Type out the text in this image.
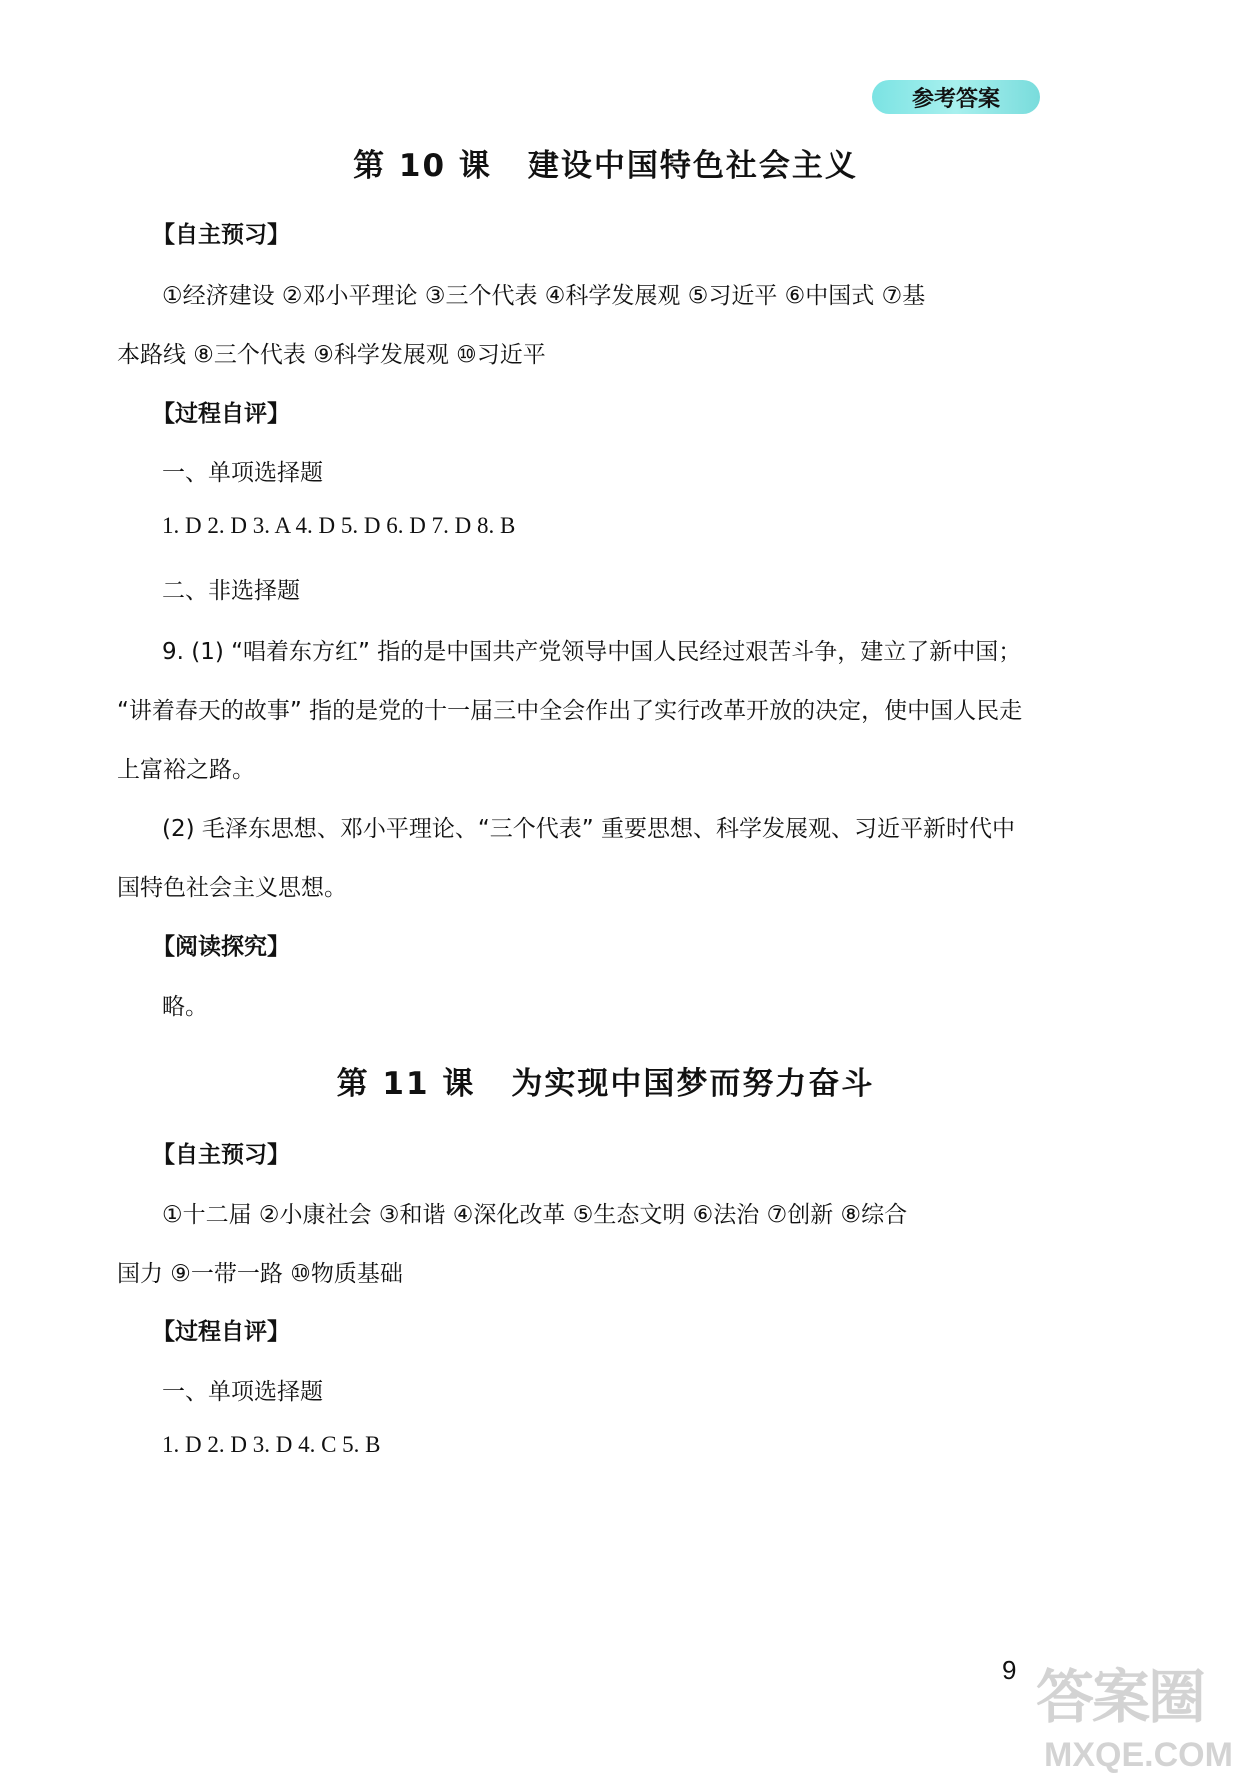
参考答案
第 10 课 建设中国特色社会主义
【自主预习】
①经济建设 ②邓小平理论 ③三个代表 ④科学发展观 ⑤习近平 ⑥中国式 ⑦基
本路线 ⑧三个代表 ⑨科学发展观 ⑩习近平
【过程自评】
一、单项选择题
1. D 2. D 3. A 4. D 5. D 6. D 7. D 8. B
二、非选择题
9. (1) “唱着东方红” 指的是中国共产党领导中国人民经过艰苦斗争，建立了新中国；
“讲着春天的故事” 指的是党的十一届三中全会作出了实行改革开放的决定，使中国人民走
上富裕之路。
(2) 毛泽东思想、邓小平理论、“三个代表” 重要思想、科学发展观、习近平新时代中
国特色社会主义思想。
【阅读探究】
略。
第 11 课 为实现中国梦而努力奋斗
【自主预习】
①十二届 ②小康社会 ③和谐 ④深化改革 ⑤生态文明 ⑥法治 ⑦创新 ⑧综合
国力 ⑨一带一路 ⑩物质基础
【过程自评】
一、单项选择题
1. D 2. D 3. D 4. C 5. B
9 答案圈
MXQE.COM
